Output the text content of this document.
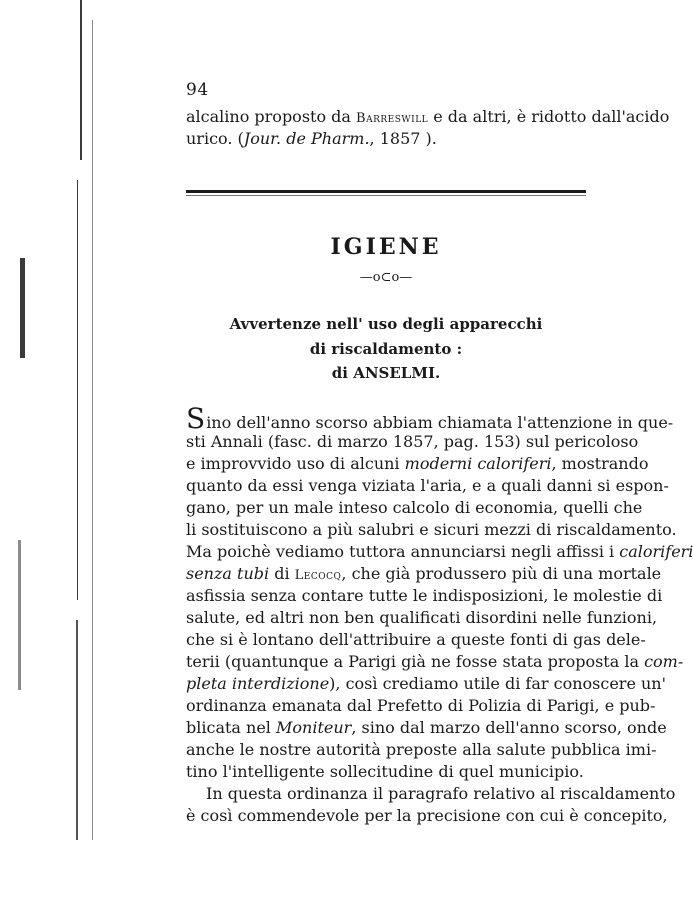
94
alcalino proposto da Barreswill e da altri, è ridotto dall'acido
urico. (Jour. de Pharm., 1857 ).
IGIENE
—o⊂o—
Avvertenze nell' uso degli apparecchi
di riscaldamento :
di ANSELMI.
Sino dell'anno scorso abbiam chiamata l'attenzione in que-
sti Annali (fasc. di marzo 1857, pag. 153) sul pericoloso
e improvvido uso di alcuni moderni caloriferi, mostrando
quanto da essi venga viziata l'aria, e a quali danni si espon-
gano, per un male inteso calcolo di economia, quelli che
li sostituiscono a più salubri e sicuri mezzi di riscaldamento.
Ma poichè vediamo tuttora annunciarsi negli affissi i caloriferi
senza tubi di Lecocq, che già produssero più di una mortale
asfissia senza contare tutte le indisposizioni, le molestie di
salute, ed altri non ben qualificati disordini nelle funzioni,
che si è lontano dell'attribuire a queste fonti di gas dele-
terii (quantunque a Parigi già ne fosse stata proposta la com-
pleta interdizione), così crediamo utile di far conoscere un'
ordinanza emanata dal Prefetto di Polizia di Parigi, e pub-
blicata nel Moniteur, sino dal marzo dell'anno scorso, onde
anche le nostre autorità preposte alla salute pubblica imi-
tino l'intelligente sollecitudine di quel municipio.
In questa ordinanza il paragrafo relativo al riscaldamento
è così commendevole per la precisione con cui è concepito,
